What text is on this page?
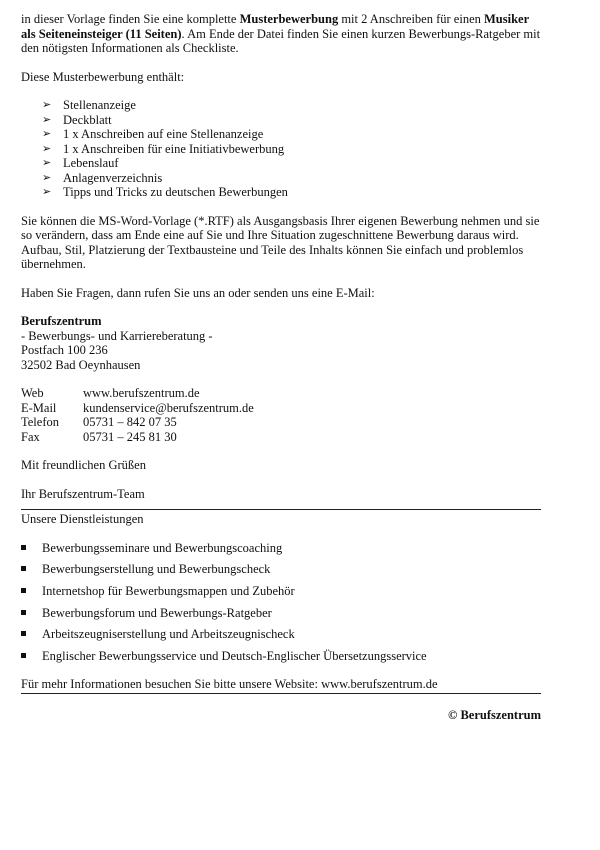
in dieser Vorlage finden Sie eine komplette Musterbewerbung mit 2 Anschreiben für einen Musiker als Seiteneinsteiger (11 Seiten). Am Ende der Datei finden Sie einen kurzen Bewerbungs-Ratgeber mit den nötigsten Informationen als Checkliste.

Diese Musterbewerbung enthält:

➢ Stellenanzeige
➢ Deckblatt
➢ 1 x Anschreiben auf eine Stellenanzeige
➢ 1 x Anschreiben für eine Initiativbewerbung
➢ Lebenslauf
➢ Anlagenverzeichnis
➢ Tipps und Tricks zu deutschen Bewerbungen

Sie können die MS-Word-Vorlage (*.RTF) als Ausgangsbasis Ihrer eigenen Bewerbung nehmen und sie so verändern, dass am Ende eine auf Sie und Ihre Situation zugeschnittene Bewerbung daraus wird. Aufbau, Stil, Platzierung der Textbausteine und Teile des Inhalts können Sie einfach und problemlos übernehmen.

Haben Sie Fragen, dann rufen Sie uns an oder senden uns eine E-Mail:

Berufszentrum

- Bewerbungs- und Karriereberatung -

Postfach 100 236

32502 Bad Oeynhausen

Web	www.berufszentrum.de
E-Mail	kundenservice@berufszentrum.de
Telefon	05731 – 842 07 35
Fax	05731 – 245 81 30

Mit freundlichen Grüßen

Ihr Berufszentrum-Team

Unsere Dienstleistungen

Bewerbungsseminare und Bewerbungscoaching
Bewerbungserstellung und Bewerbungscheck
Internetshop für Bewerbungsmappen und Zubehör
Bewerbungsforum und Bewerbungs-Ratgeber
Arbeitszeugniserstellung und Arbeitszeugnischeck
Englischer Bewerbungsservice und Deutsch-Englischer Übersetzungsservice

Für mehr Informationen besuchen Sie bitte unsere Website: www.berufszentrum.de

© Berufszentrum
